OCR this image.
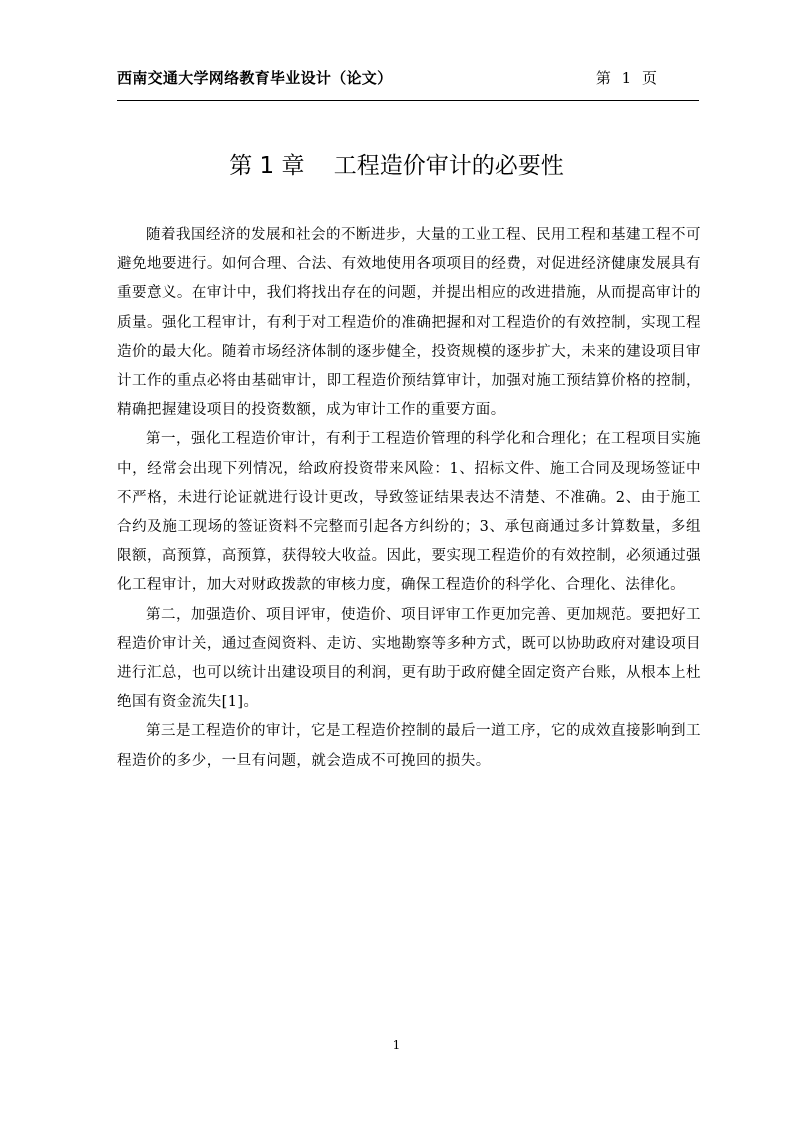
西南交通大学网络教育毕业设计（论文）	第 1 页
第 1 章    工程造价审计的必要性

随着我国经济的发展和社会的不断进步，大量的工业工程、民用工程和基建工程不可避免地要进行。如何合理、合法、有效地使用各项项目的经费，对促进经济健康发展具有重要意义。在审计中，我们将找出存在的问题，并提出相应的改进措施，从而提高审计的质量。强化工程审计，有利于对工程造价的准确把握和对工程造价的有效控制，实现工程造价的最大化。随着市场经济体制的逐步健全，投资规模的逐步扩大，未来的建设项目审计工作的重点必将由基础审计，即工程造价预结算审计，加强对施工预结算价格的控制，精确把握建设项目的投资数额，成为审计工作的重要方面。

第一，强化工程造价审计，有利于工程造价管理的科学化和合理化；在工程项目实施中，经常会出现下列情况，给政府投资带来风险：1、招标文件、施工合同及现场签证中不严格，未进行论证就进行设计更改，导致签证结果表达不清楚、不准确。2、由于施工合约及施工现场的签证资料不完整而引起各方纠纷的；3、承包商通过多计算数量，多组限额，高预算，高预算，获得较大收益。因此，要实现工程造价的有效控制，必须通过强化工程审计，加大对财政拨款的审核力度，确保工程造价的科学化、合理化、法律化。

第二，加强造价、项目评审，使造价、项目评审工作更加完善、更加规范。要把好工程造价审计关，通过查阅资料、走访、实地勘察等多种方式，既可以协助政府对建设项目进行汇总，也可以统计出建设项目的利润，更有助于政府健全固定资产台账，从根本上杜绝国有资金流失[1]。

第三是工程造价的审计，它是工程造价控制的最后一道工序，它的成效直接影响到工程造价的多少，一旦有问题，就会造成不可挽回的损失。

1
